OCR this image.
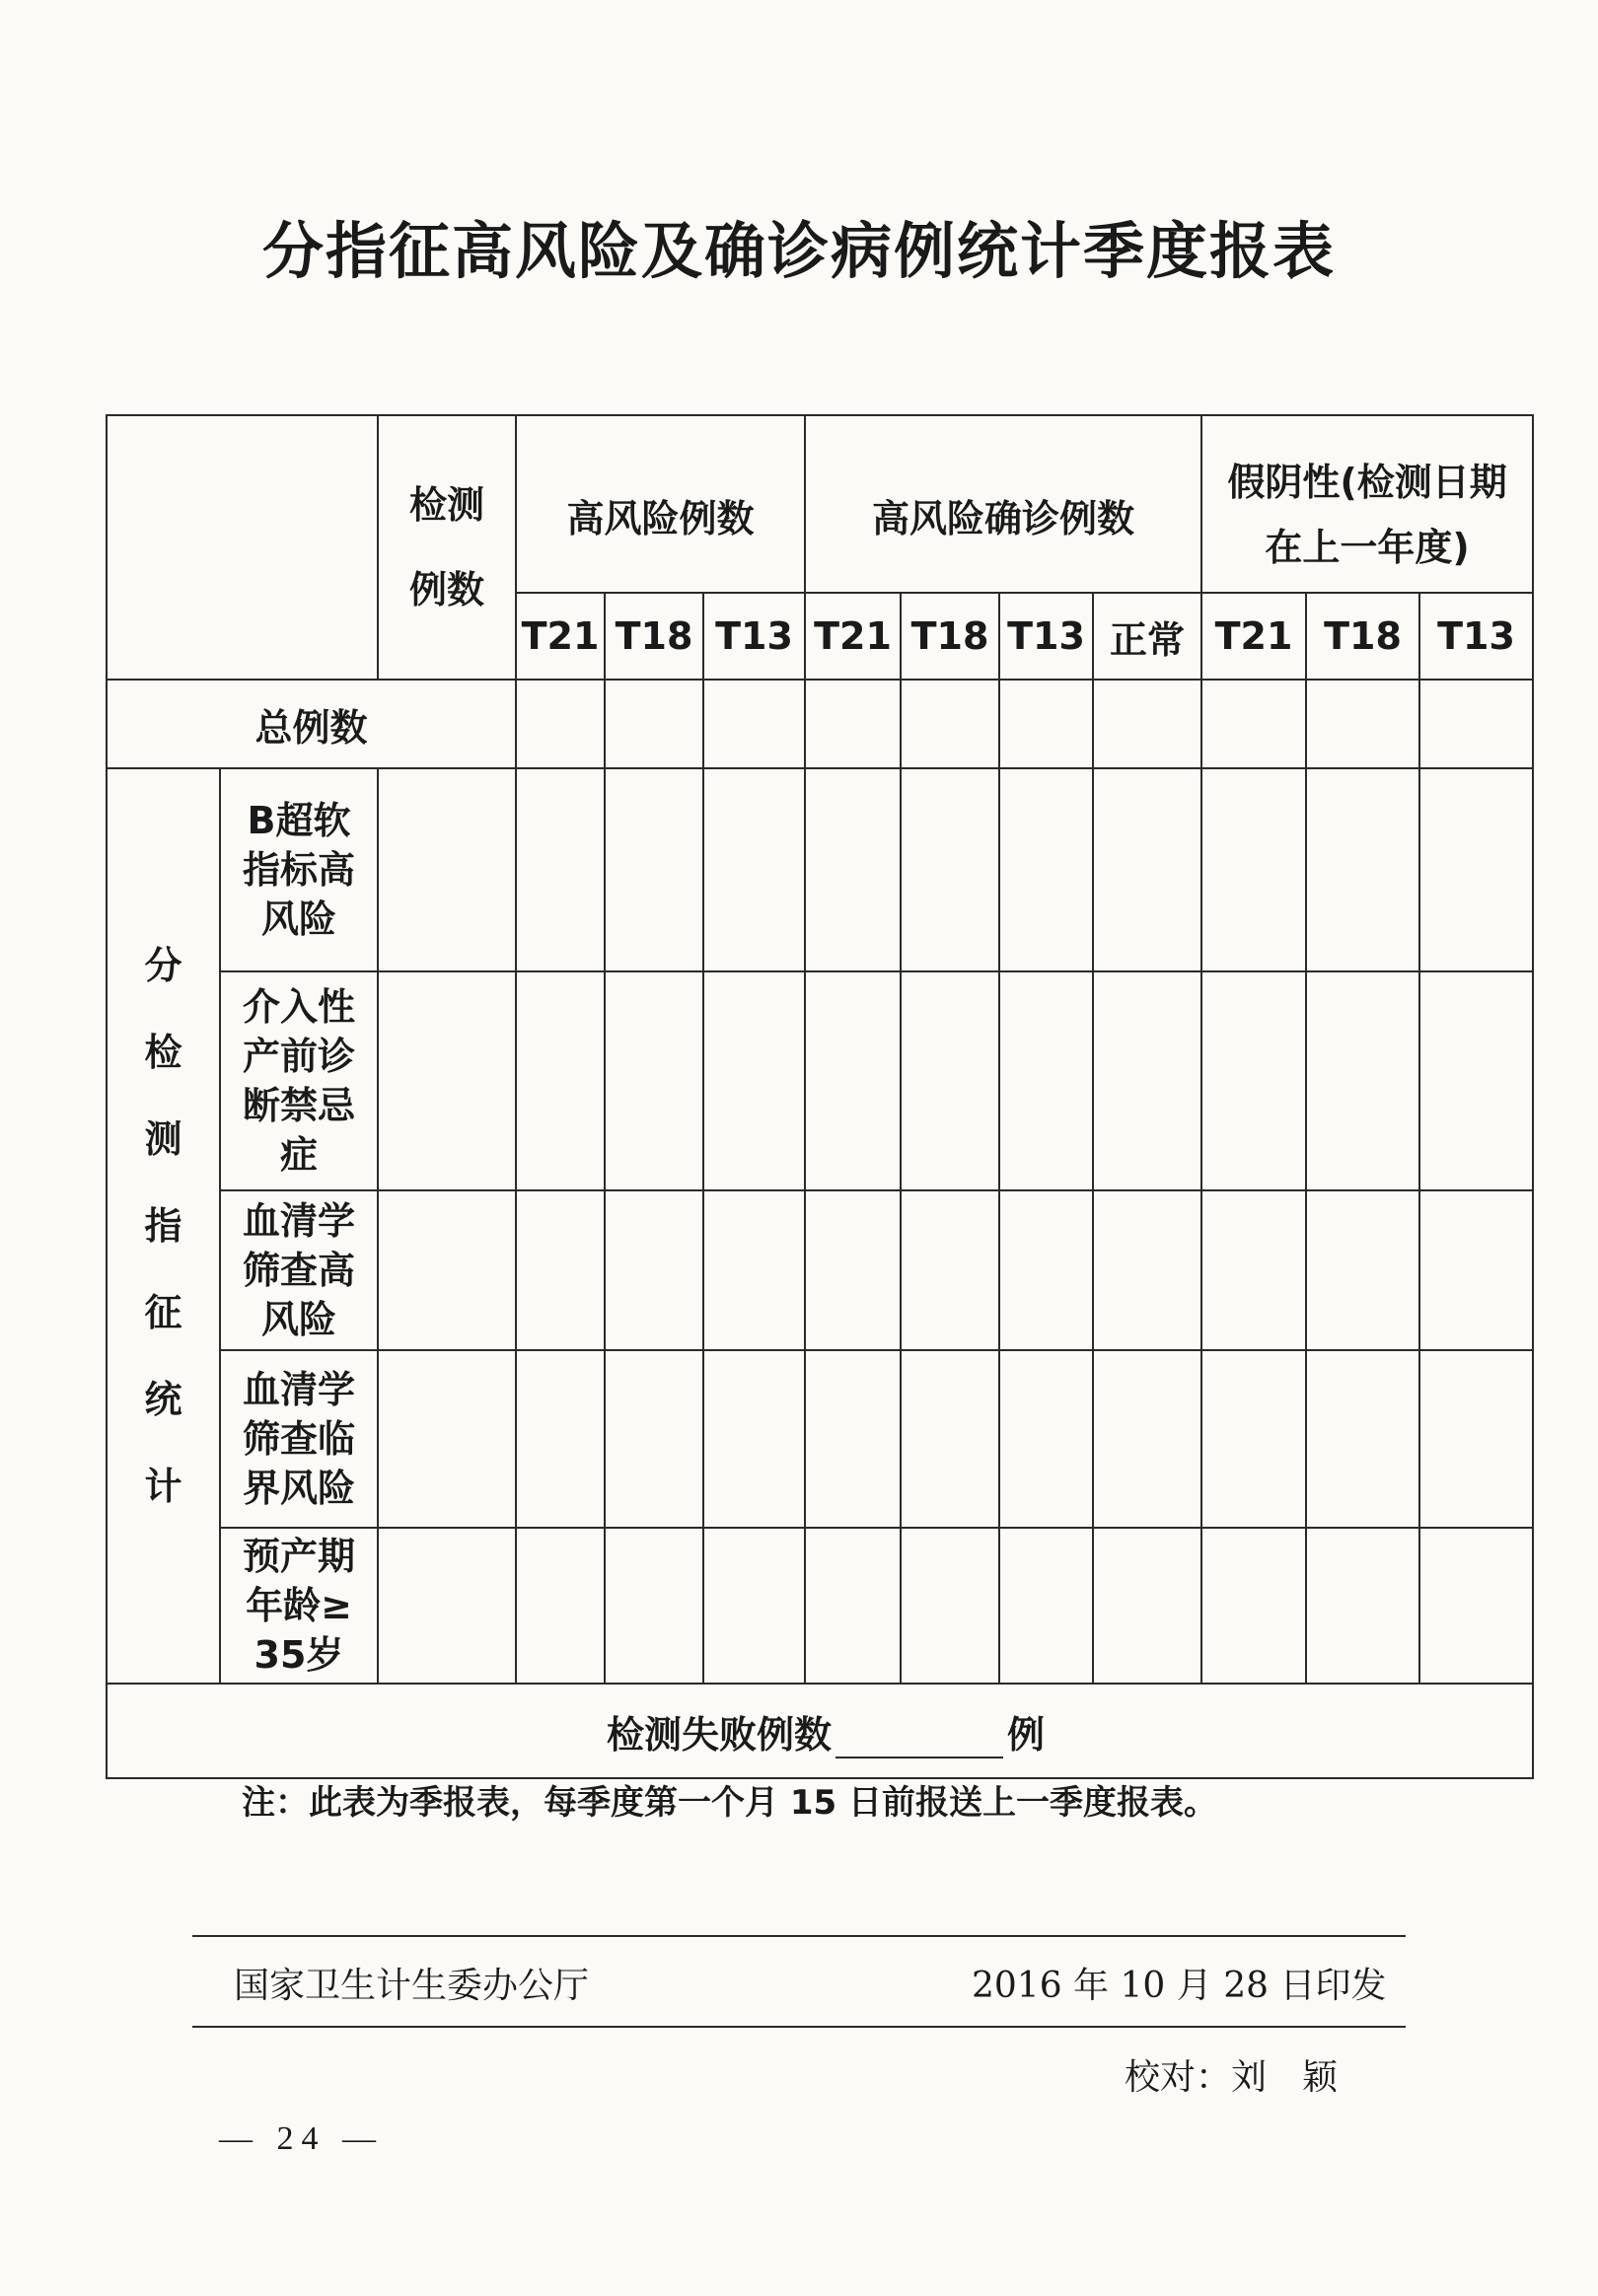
分指征高风险及确诊病例统计季度报表
		检测例数	高风险例数			高风险确诊例数				假阴性(检测日期在上一年度)		
			T21	T18	T13	T21	T18	T13	正常	T21	T18	T13
总例数												
分检测指征统计	B超软指标高风险											

	介入性产前诊断禁忌症											

	血清学筛查高风险											

	血清学筛查临界风险											

	预产期年龄≥35岁											

检测失败例数 例												
注：此表为季报表，每季度第一个月 15 日前报送上一季度报表。
国家卫生计生委办公厅	2016 年 10 月 28 日印发
校对：刘　颖
— 24 —
